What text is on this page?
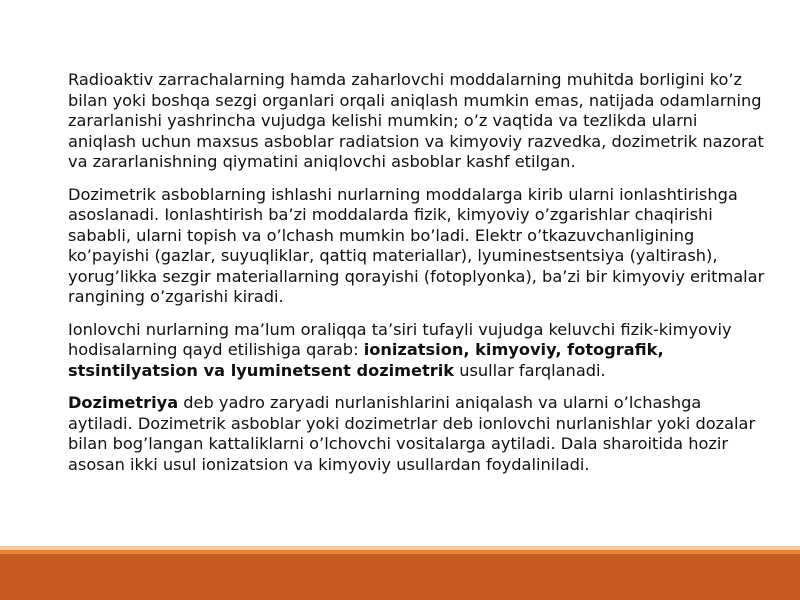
Radioaktiv zarrachalarning hamda zaharlovchi moddalarning muhitda borligini ko’z bilan yoki boshqa sezgi organlari orqali aniqlash mumkin emas, natijada odamlarning zararlanishi yashrincha vujudga kelishi mumkin; o’z vaqtida va tezlikda ularni aniqlash uchun maxsus asboblar radiatsion va kimyoviy razvedka, dozimetrik nazorat va zararlanishning qiymatini aniqlovchi asboblar kashf etilgan.

Dozimetrik asboblarning ishlashi nurlarning moddalarga kirib ularni ionlashtirishga asoslanadi. Ionlashtirish ba’zi moddalarda fizik, kimyoviy o’zgarishlar chaqirishi sababli, ularni topish va o’lchash mumkin bo’ladi. Elektr o’tkazuvchanligining ko’payishi (gazlar, suyuqliklar, qattiq materiallar), lyuminestsentsiya (yaltirash), yorug’likka sezgir materiallarning qorayishi (fotoplyonka), ba’zi bir kimyoviy eritmalar rangining o’zgarishi kiradi.

Ionlovchi nurlarning ma’lum oraliqqa ta’siri tufayli vujudga keluvchi fizik-kimyoviy hodisalarning qayd etilishiga qarab: ionizatsion, kimyoviy, fotografik, stsintilyatsion va lyuminetsent dozimetrik usullar farqlanadi.

Dozimetriya deb yadro zaryadi nurlanishlarini aniqalash va ularni o’lchashga aytiladi. Dozimetrik asboblar yoki dozimetrlar deb ionlovchi nurlanishlar yoki dozalar bilan bog’langan kattaliklarni o’lchovchi vositalarga aytiladi. Dala sharoitida hozir asosan ikki usul ionizatsion va kimyoviy usullardan foydaliniladi.
